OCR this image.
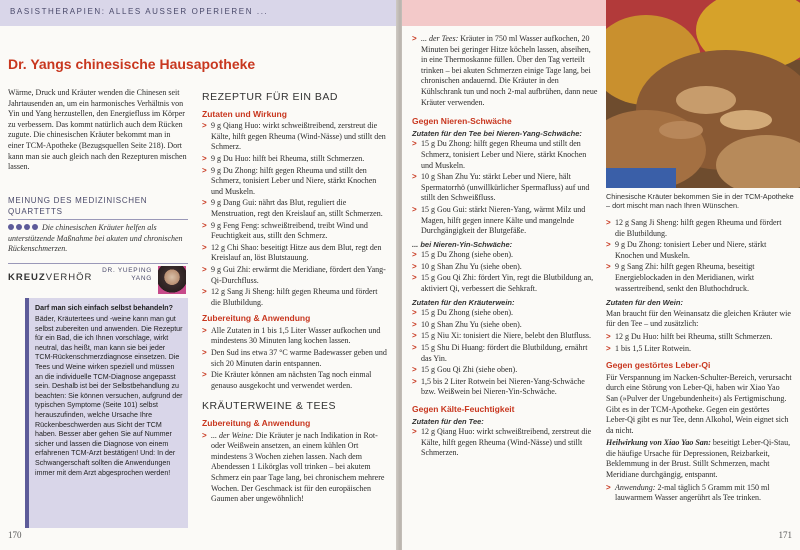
BASISTHERAPIEN: ALLES AUSSER OPERIEREN ...
Dr. Yangs chinesische Hausapotheke

Wärme, Druck und Kräuter wenden die Chinesen seit Jahrtausenden an, um ein harmonisches Verhältnis von Yin und Yang herzustellen, den Energiefluss im Körper zu verbessern. Das kommt natürlich auch dem Rücken zugute. Die chinesischen Kräuter bekommt man in einer TCM-Apotheke (Bezugsquellen Seite 218). Dort kann man sie auch gleich nach den Rezepturen mischen lassen.

MEINUNG DES MEDIZINISCHEN QUARTETTS
Die chinesischen Kräuter helfen als unterstützende Maßnahme bei akuten und chronischen Rückenschmerzen.
KREUZVERHÖR
DR. YUEPING
YANG
Darf man sich einfach selbst behandeln?
Bäder, Kräutertees und -weine kann man gut selbst zubereiten und anwenden. Die Rezeptur für ein Bad, die ich Ihnen vorschlage, wirkt neutral, das heißt, man kann sie bei jeder TCM-Rückenschmerzdiagnose einsetzen. Die Tees und Weine wirken speziell und müssen an die individuelle TCM-Diagnose angepasst sein. Deshalb ist bei der Selbstbehandlung zu beachten: Sie können versuchen, aufgrund der typischen Symptome (Seite 101) selbst herauszufinden, welche Ursache Ihre Rückenbeschwerden aus Sicht der TCM haben. Besser aber gehen Sie auf Nummer sicher und lassen die Diagnose von einem erfahrenen TCM-Arzt bestätigen! Und: In der Schwangerschaft sollten die Anwendungen immer mit dem Arzt abgesprochen werden!
REZEPTUR FÜR EIN BAD
Zutaten und Wirkung
> 9 g Qiang Huo: wirkt schweißtreibend, zerstreut die Kälte, hilft gegen Rheuma (Wind-Nässe) und stillt den Schmerz.
> 9 g Du Huo: hilft bei Rheuma, stillt Schmerzen.
> 9 g Du Zhong: hilft gegen Rheuma und stillt den Schmerz, tonisiert Leber und Niere, stärkt Knochen und Muskeln.
> 9 g Dang Gui: nährt das Blut, reguliert die Menstruation, regt den Kreislauf an, stillt Schmerzen.
> 9 g Feng Feng: schweißtreibend, treibt Wind und Feuchtigkeit aus, stillt den Schmerz.
> 12 g Chi Shao: beseitigt Hitze aus dem Blut, regt den Kreislauf an, löst Blutstauung.
> 9 g Gui Zhi: erwärmt die Meridiane, fördert den Yang-Qi-Durchfluss.
> 12 g Sang Ji Sheng: hilft gegen Rheuma und fördert die Blutbildung.
Zubereitung & Anwendung
> Alle Zutaten in 1 bis 1,5 Liter Wasser aufkochen und mindestens 30 Minuten lang kochen lassen.
> Den Sud ins etwa 37 °C warme Badewasser geben und sich 20 Minuten darin entspannen.
> Die Kräuter können am nächsten Tag noch einmal genauso ausgekocht und verwendet werden.
KRÄUTERWEINE & TEES
Zubereitung & Anwendung
> ... der Weine: Die Kräuter je nach Indikation in Rot- oder Weißwein ansetzen, an einem kühlen Ort mindestens 3 Wochen ziehen lassen. Nach dem Abendessen 1 Likörglas voll trinken – bei akutem Schmerz ein paar Tage lang, bei chronischem mehrere Wochen. Der Geschmack ist für den europäischen Gaumen aber ungewöhnlich!
170
> ... der Tees: Kräuter in 750 ml Wasser aufkochen, 20 Minuten bei geringer Hitze köcheln lassen, abseihen, in eine Thermoskanne füllen. Über den Tag verteilt trinken – bei akuten Schmerzen einige Tage lang, bei chronischen andauernd. Die Kräuter in den Kühlschrank tun und noch 2-mal aufbrühen, dann neue Kräuter verwenden.
Gegen Nieren-Schwäche
Zutaten für den Tee bei Nieren-Yang-Schwäche:
> 15 g Du Zhong: hilft gegen Rheuma und stillt den Schmerz, tonisiert Leber und Niere, stärkt Knochen und Muskeln.
> 10 g Shan Zhu Yu: stärkt Leber und Niere, hält Spermatorrhö (unwillkürlicher Spermafluss) auf und stillt den Schweißfluss.
> 15 g Gou Gui: stärkt Nieren-Yang, wärmt Milz und Magen, hilft gegen innere Kälte und mangelnde Durchgängigkeit der Blutgefäße.
... bei Nieren-Yin-Schwäche:
> 15 g Du Zhong (siehe oben).
> 10 g Shan Zhu Yu (siehe oben).
> 15 g Gou Qi Zhi: fördert Yin, regt die Blutbildung an, aktiviert Qi, verbessert die Sehkraft.
Zutaten für den Kräuterwein:
> 15 g Du Zhong (siehe oben).
> 10 g Shan Zhu Yu (siehe oben).
> 15 g Niu Xi: tonisiert die Niere, belebt den Blutfluss.
> 15 g Shu Di Huang: fördert die Blutbildung, ernährt das Yin.
> 15 g Gou Qi Zhi (siehe oben).
> 1,5 bis 2 Liter Rotwein bei Nieren-Yang-Schwäche bzw. Weißwein bei Nieren-Yin-Schwäche.
Gegen Kälte-Feuchtigkeit
Zutaten für den Tee:
> 12 g Qiang Huo: wirkt schweißtreibend, zerstreut die Kälte, hilft gegen Rheuma (Wind-Nässe) und stillt Schmerzen.
Chinesische Kräuter bekommen Sie in der TCM-Apotheke – dort mischt man nach Ihren Wünschen.
> 12 g Sang Ji Sheng: hilft gegen Rheuma und fördert die Blutbildung.
> 9 g Du Zhong: tonisiert Leber und Niere, stärkt Knochen und Muskeln.
> 9 g Sang Zhi: hilft gegen Rheuma, beseitigt Energieblockaden in den Meridianen, wirkt wassertreibend, senkt den Bluthochdruck.
Zutaten für den Wein:

Man braucht für den Weinansatz die gleichen Kräuter wie für den Tee – und zusätzlich:

> 12 g Du Huo: hilft bei Rheuma, stillt Schmerzen.
> 1 bis 1,5 Liter Rotwein.
Gegen gestörtes Leber-Qi

Für Verspannung im Nacken-Schulter-Bereich, verursacht durch eine Störung von Leber-Qi, haben wir Xiao Yao San (»Pulver der Ungebundenheit«) als Fertigmischung. Gibt es in der TCM-Apotheke. Gegen ein gestörtes Leber-Qi gibt es nur Tee, denn Alkohol, Wein eignet sich da nicht.

Heilwirkung von Xiao Yao San: beseitigt Leber-Qi-Stau, die häufige Ursache für Depressionen, Reizbarkeit, Beklemmung in der Brust. Stillt Schmerzen, macht Meridiane durchgängig, entspannt.

> Anwendung: 2-mal täglich 5 Gramm mit 150 ml lauwarmem Wasser angerührt als Tee trinken.
171
